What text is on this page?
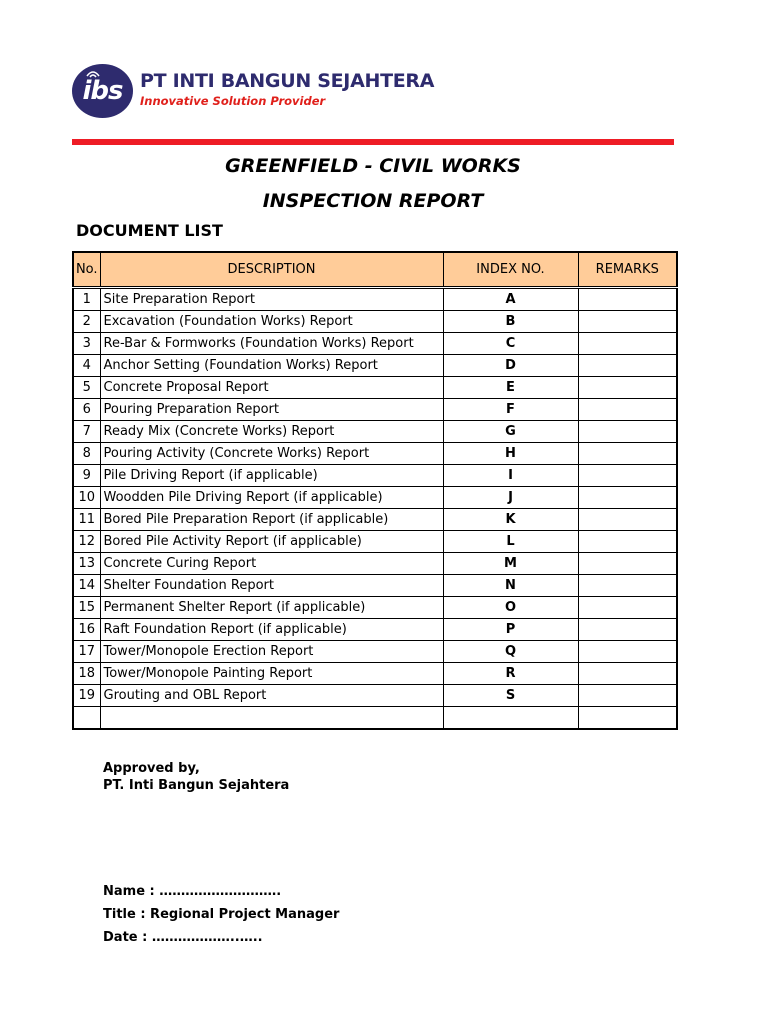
ibs PT INTI BANGUN SEJAHTERA
Innovative Solution Provider
GREENFIELD - CIVIL WORKS
INSPECTION REPORT
DOCUMENT LIST
No.	DESCRIPTION	INDEX NO.	REMARKS
1	Site Preparation Report	A	
2	Excavation (Foundation Works) Report	B	
3	Re-Bar & Formworks (Foundation Works) Report	C	
4	Anchor Setting (Foundation Works) Report	D	
5	Concrete Proposal Report	E	
6	Pouring Preparation Report	F	
7	Ready Mix (Concrete Works) Report	G	
8	Pouring Activity (Concrete Works) Report	H	
9	Pile Driving Report (if applicable)	I	
10	Woodden Pile Driving Report (if applicable)	J	
11	Bored Pile Preparation Report (if applicable)	K	
12	Bored Pile Activity Report (if applicable)	L	
13	Concrete Curing Report	M	
14	Shelter Foundation Report	N	
15	Permanent Shelter Report (if applicable)	O	
16	Raft Foundation Report (if applicable)	P	
17	Tower/Monopole Erection Report	Q	
18	Tower/Monopole Painting Report	R	
19	Grouting and OBL Report	S	

Approved by,
PT. Inti Bangun Sejahtera
Name : ……………………….
Title : Regional Project Manager
Date : ………………..…..
